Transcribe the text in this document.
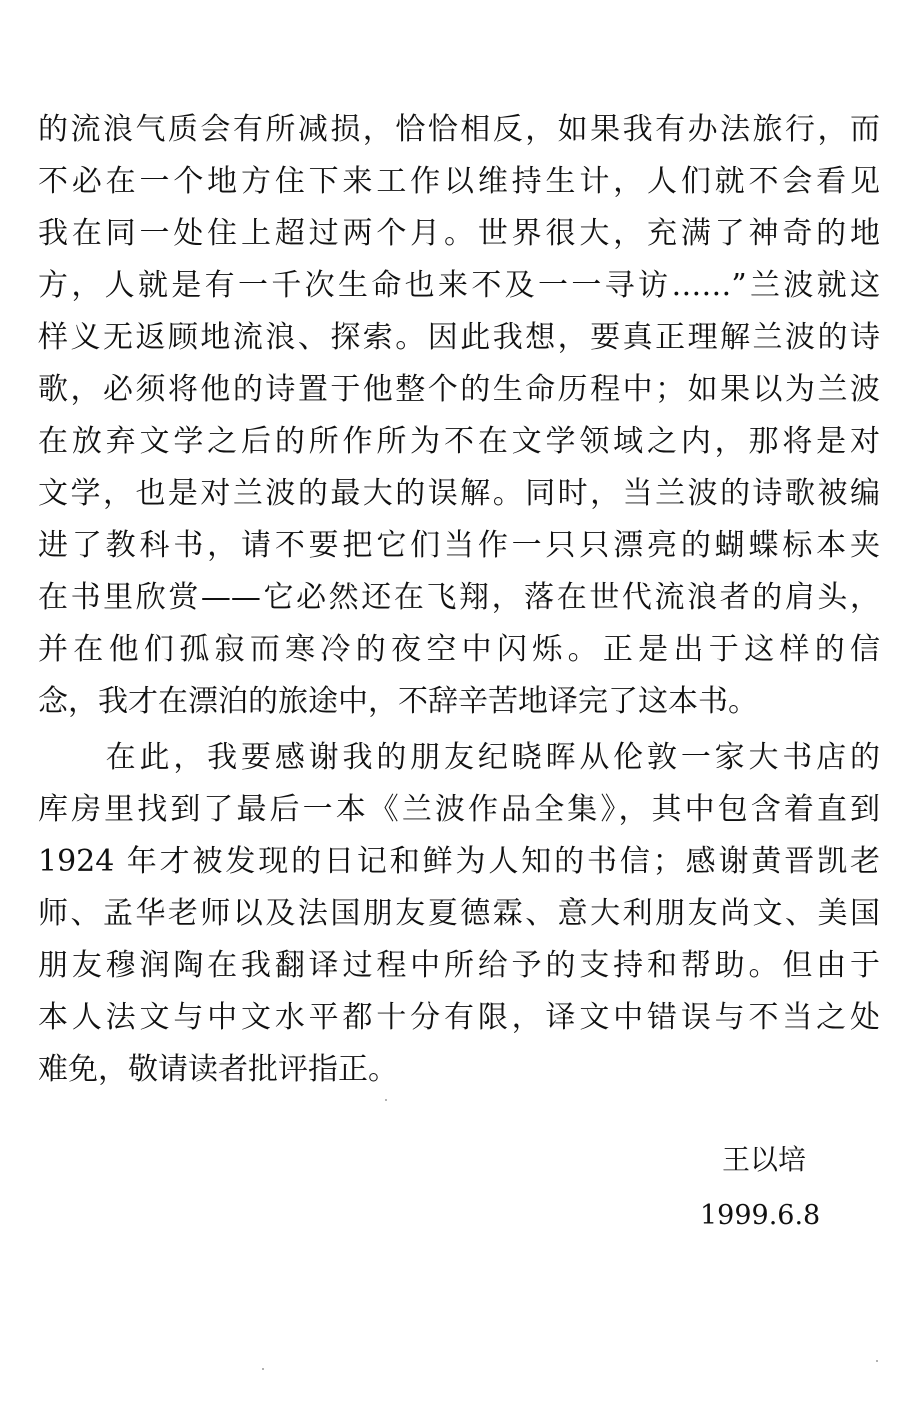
的流浪气质会有所减损，恰恰相反，如果我有办法旅行，而
不必在一个地方住下来工作以维持生计，人们就不会看见
我在同一处住上超过两个月。世界很大，充满了神奇的地
方，人就是有一千次生命也来不及一一寻访……”兰波就这
样义无返顾地流浪、探索。因此我想，要真正理解兰波的诗
歌，必须将他的诗置于他整个的生命历程中；如果以为兰波
在放弃文学之后的所作所为不在文学领域之内，那将是对
文学，也是对兰波的最大的误解。同时，当兰波的诗歌被编
进了教科书，请不要把它们当作一只只漂亮的蝴蝶标本夹
在书里欣赏——它必然还在飞翔，落在世代流浪者的肩头，
并在他们孤寂而寒冷的夜空中闪烁。正是出于这样的信
念，我才在漂泊的旅途中，不辞辛苦地译完了这本书。
　　在此，我要感谢我的朋友纪晓晖从伦敦一家大书店的
库房里找到了最后一本《兰波作品全集》，其中包含着直到
1924 年才被发现的日记和鲜为人知的书信；感谢黄晋凯老
师、孟华老师以及法国朋友夏德霖、意大利朋友尚文、美国
朋友穆润陶在我翻译过程中所给予的支持和帮助。但由于
本人法文与中文水平都十分有限，译文中错误与不当之处
难免，敬请读者批评指正。
王以培
1999.6.8
